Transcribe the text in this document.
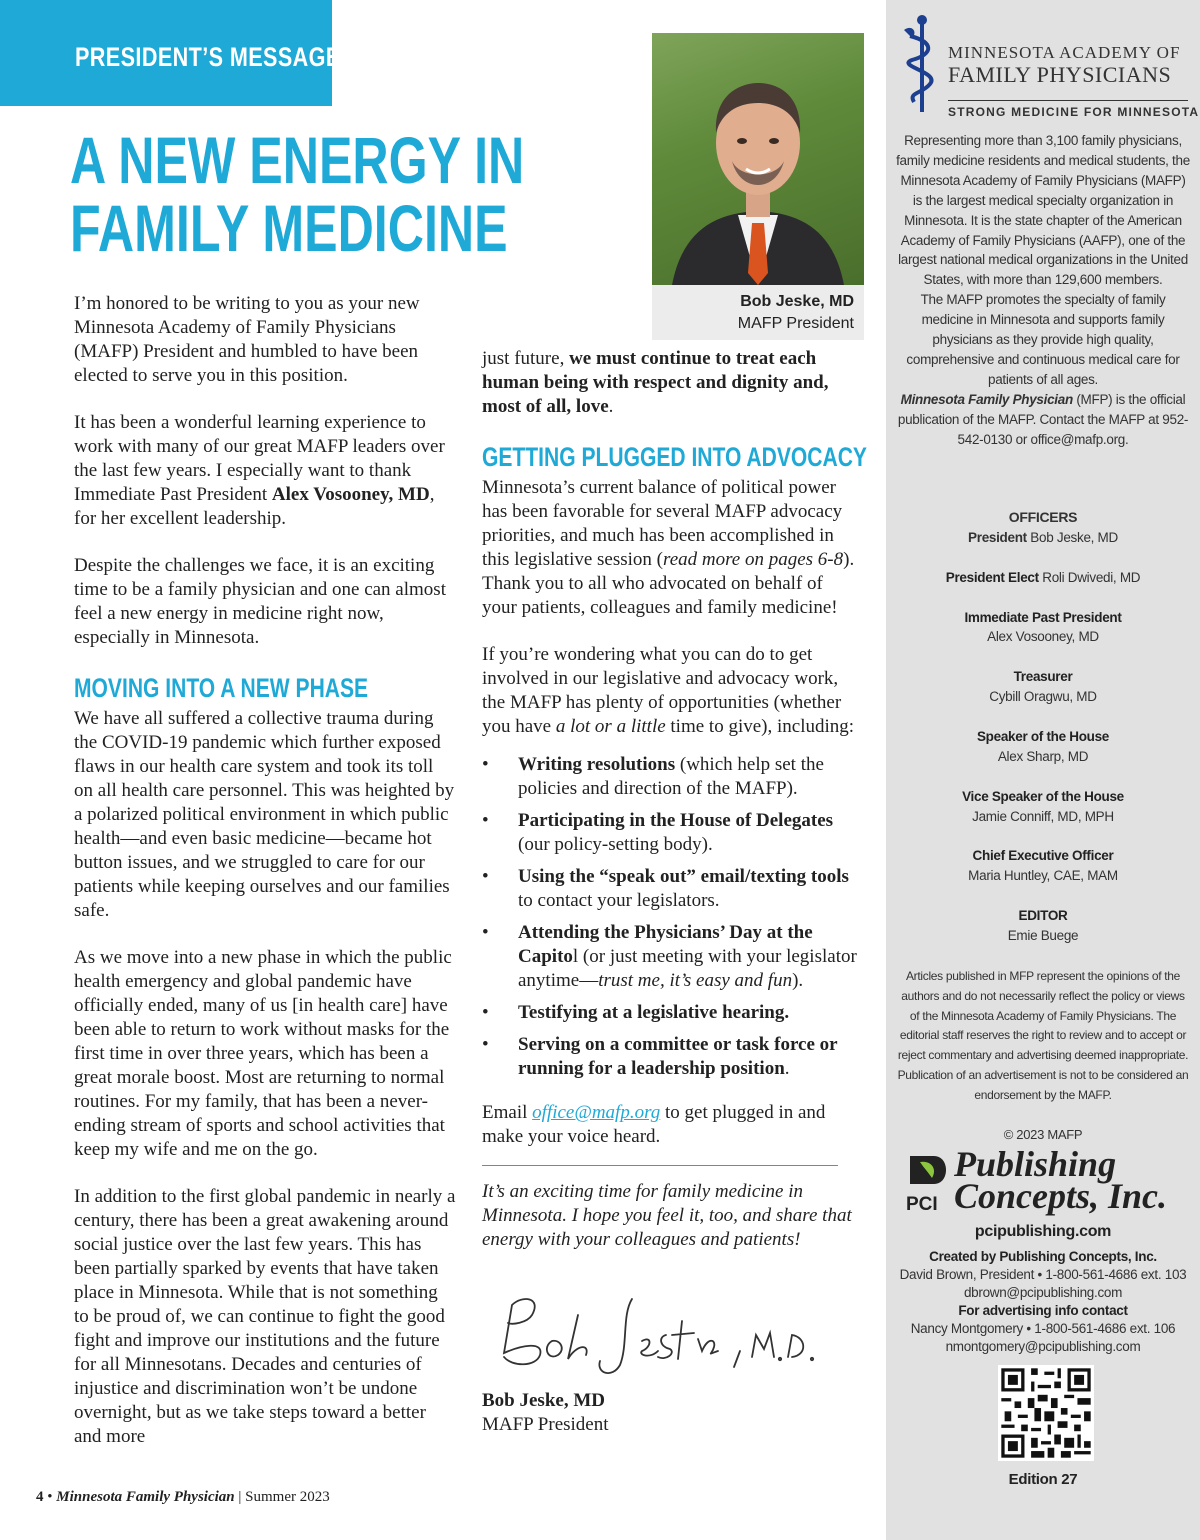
PRESIDENT’S MESSAGE
A NEW ENERGY IN
FAMILY MEDICINE
Bob Jeske, MD
MAFP President

I’m honored to be writing to you as your new Minnesota Academy of Family Physicians (MAFP) President and humbled to have been elected to serve you in this position.

It has been a wonderful learning experience to work with many of our great MAFP leaders over the last few years. I especially want to thank Immediate Past President Alex Vosooney, MD, for her excellent leadership.

Despite the challenges we face, it is an exciting time to be a family physician and one can almost feel a new energy in medicine right now, especially in Minnesota.

MOVING INTO A NEW PHASE

We have all suffered a collective trauma during the COVID-19 pandemic which further exposed flaws in our health care system and took its toll on all health care personnel. This was heighted by a polarized political environment in which public health—and even basic medicine—became hot button issues, and we struggled to care for our patients while keeping ourselves and our families safe.

As we move into a new phase in which the public health emergency and global pandemic have officially ended, many of us [in health care] have been able to return to work without masks for the first time in over three years, which has been a great morale boost. Most are returning to normal routines. For my family, that has been a never-ending stream of sports and school activities that keep my wife and me on the go.

In addition to the first global pandemic in nearly a century, there has been a great awakening around social justice over the last few years. This has been partially sparked by events that have taken place in Minnesota. While that is not something to be proud of, we can continue to fight the good fight and improve our institutions and the future for all Minnesotans. Decades and centuries of injustice and discrimination won’t be undone overnight, but as we take steps toward a better and more

just future, we must continue to treat each human being with respect and dignity and, most of all, love.

GETTING PLUGGED INTO ADVOCACY

Minnesota’s current balance of political power has been favorable for several MAFP advocacy priorities, and much has been accomplished in this legislative session (read more on pages 6-8). Thank you to all who advocated on behalf of your patients, colleagues and family medicine!

If you’re wondering what you can do to get involved in our legislative and advocacy work, the MAFP has plenty of opportunities (whether you have a lot or a little time to give), including:

• Writing resolutions (which help set the policies and direction of the MAFP).
• Participating in the House of Delegates (our policy-setting body).
• Using the “speak out” email/texting tools to contact your legislators.
• Attending the Physicians’ Day at the Capitol (or just meeting with your legislator anytime—trust me, it’s easy and fun).
• Testifying at a legislative hearing.
• Serving on a committee or task force or running for a leadership position.

Email office@mafp.org to get plugged in and make your voice heard.

It’s an exciting time for family medicine in Minnesota. I hope you feel it, too, and share that energy with your colleagues and patients!

Bob Jeske, MD
MAFP President
MINNESOTA ACADEMY OF
FAMILY PHYSICIANS
STRONG MEDICINE FOR MINNESOTA
Representing more than 3,100 family physicians, family medicine residents and medical students, the Minnesota Academy of Family Physicians (MAFP) is the largest medical specialty organization in Minnesota. It is the state chapter of the American Academy of Family Physicians (AAFP), one of the largest national medical organizations in the United States, with more than 129,600 members.
The MAFP promotes the specialty of family medicine in Minnesota and supports family physicians as they provide high quality, comprehensive and continuous medical care for patients of all ages.
Minnesota Family Physician (MFP) is the official publication of the MAFP. Contact the MAFP at 952-542-0130 or office@mafp.org.
OFFICERS
President Bob Jeske, MD
President Elect Roli Dwivedi, MD
Immediate Past President
Alex Vosooney, MD
Treasurer
Cybill Oragwu, MD
Speaker of the House
Alex Sharp, MD
Vice Speaker of the House
Jamie Conniff, MD, MPH
Chief Executive Officer
Maria Huntley, CAE, MAM
EDITOR
Emie Buege
Articles published in MFP represent the opinions of the authors and do not necessarily reflect the policy or views of the Minnesota Academy of Family Physicians. The editorial staff reserves the right to review and to accept or reject commentary and advertising deemed inappropriate. Publication of an advertisement is not to be considered an endorsement by the MAFP.
© 2023 MAFP
PCI
Publishing
Concepts, Inc.
pcipublishing.com
Created by Publishing Concepts, Inc.
David Brown, President • 1-800-561-4686 ext. 103
dbrown@pcipublishing.com
For advertising info contact
Nancy Montgomery • 1-800-561-4686 ext. 106
nmontgomery@pcipublishing.com
Edition 27
4 • Minnesota Family Physician | Summer 2023
